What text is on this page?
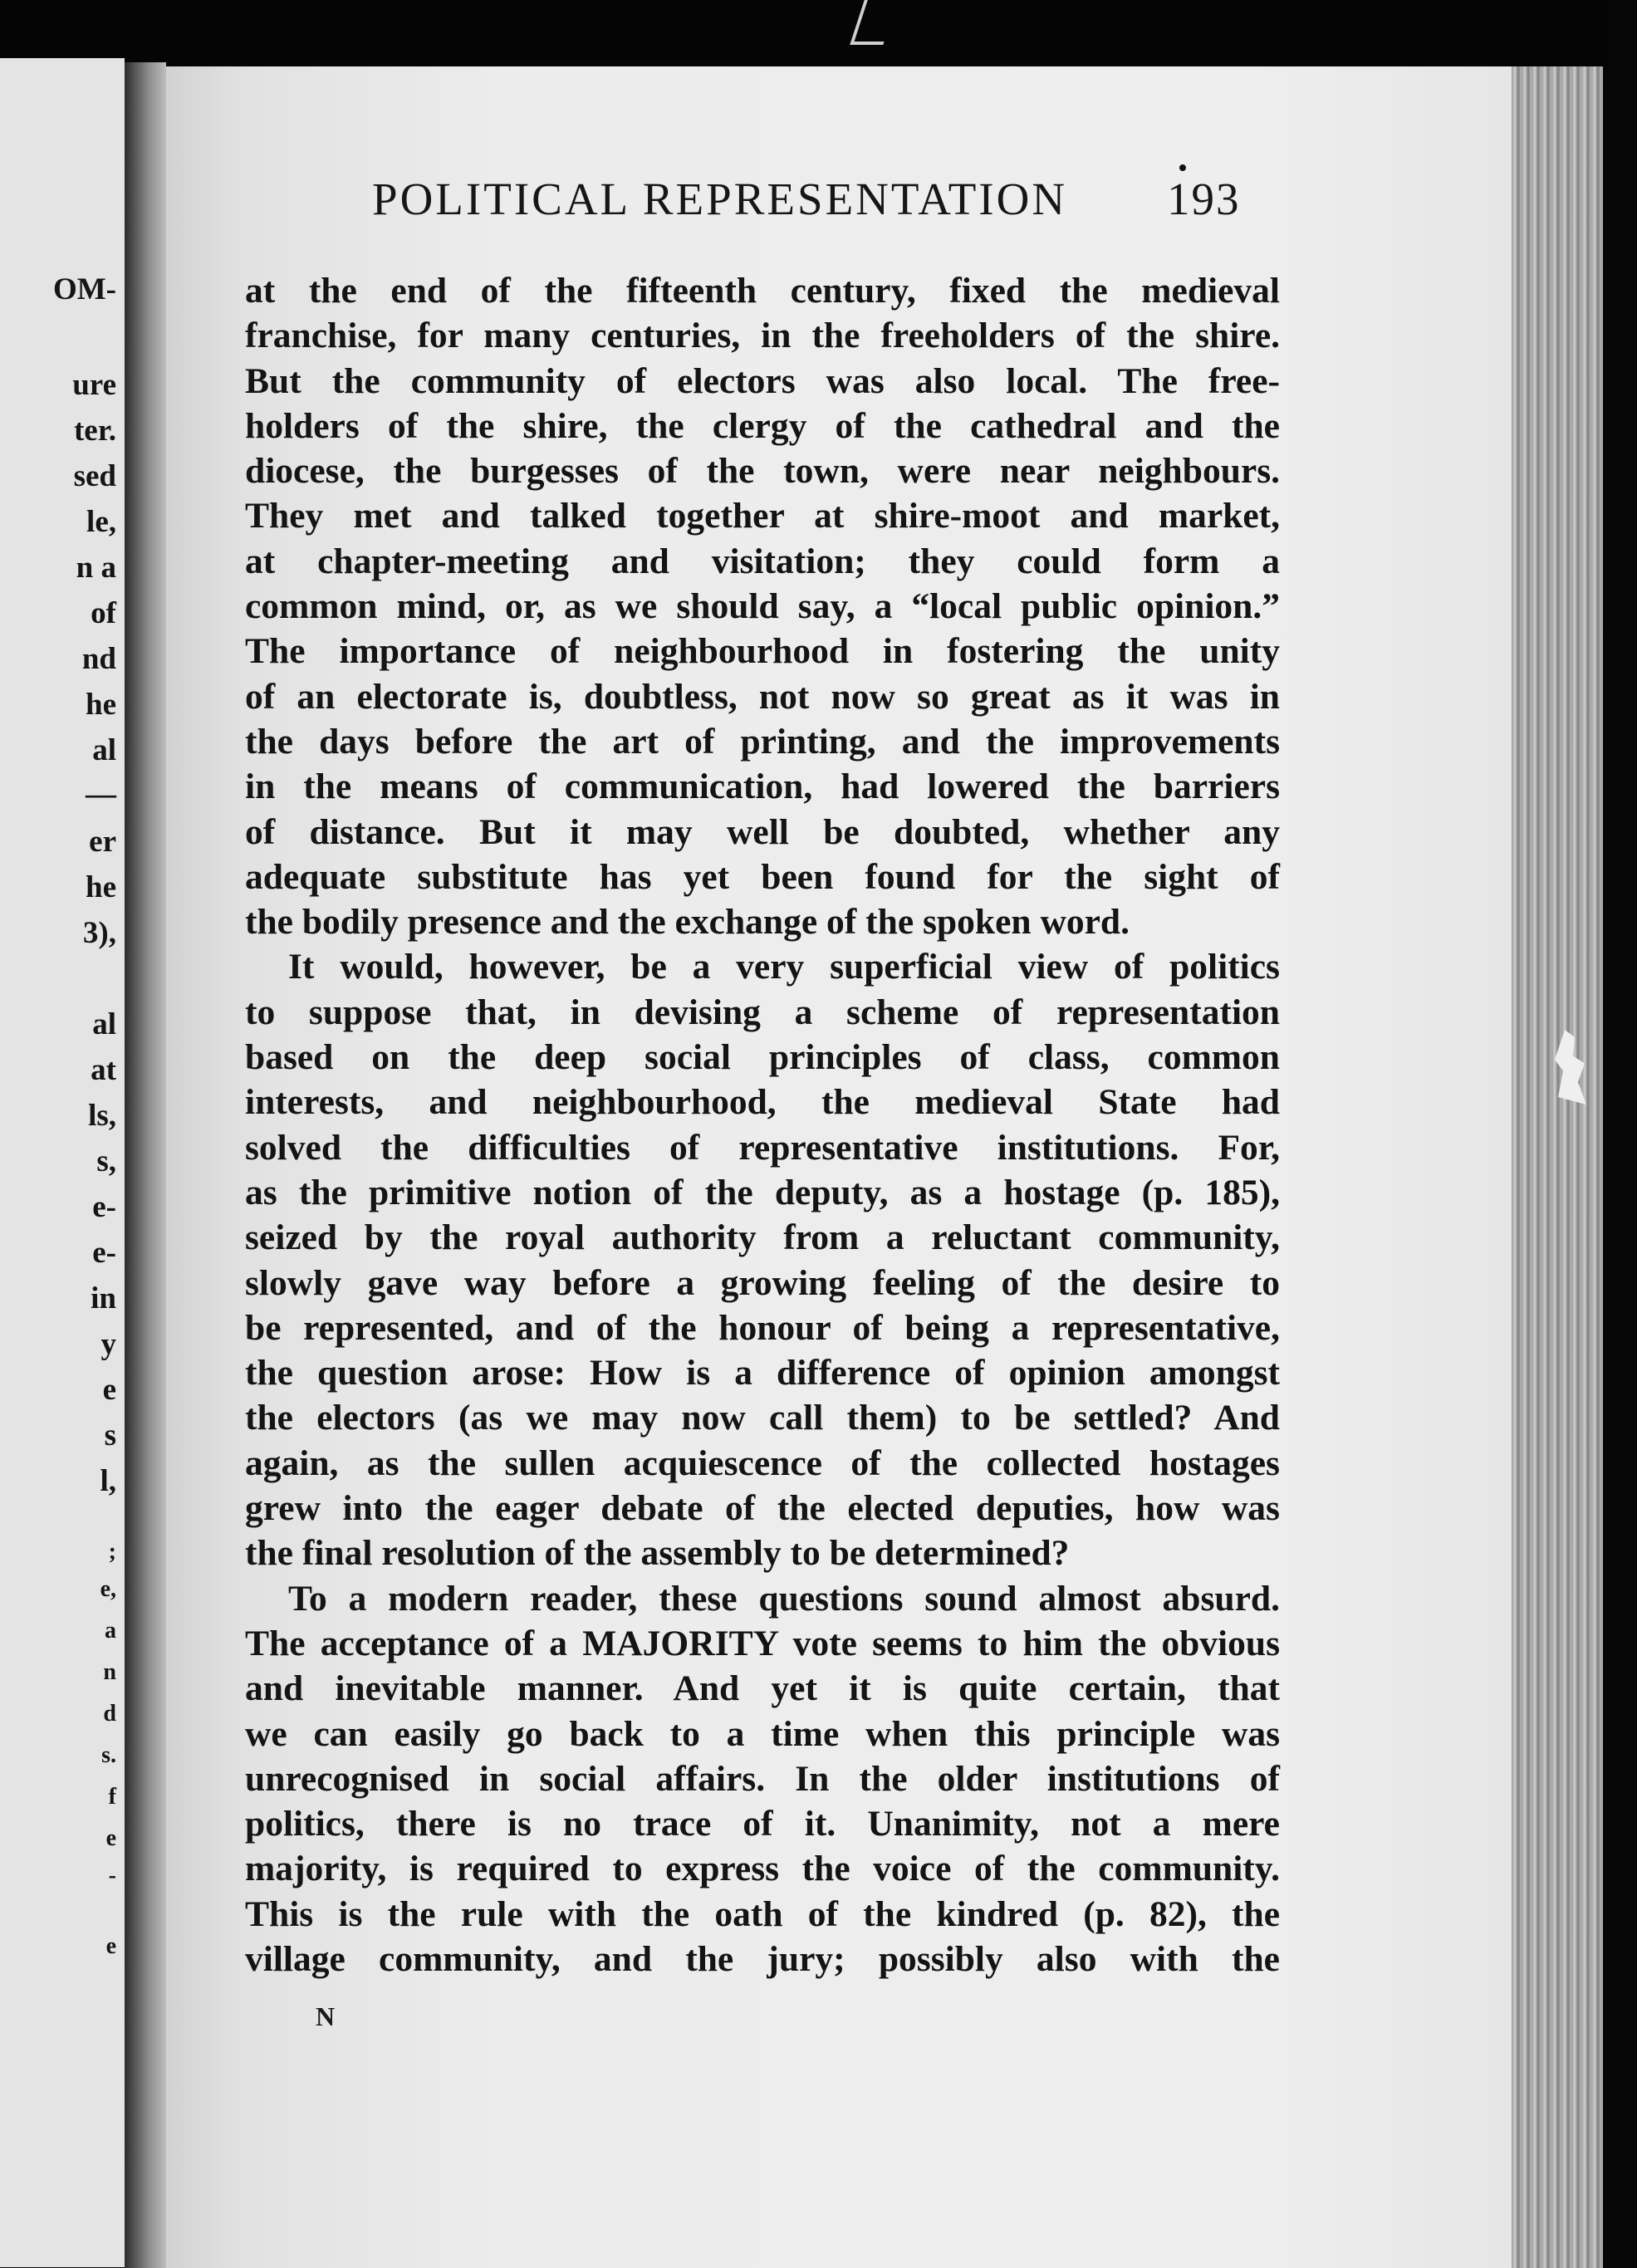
OM-
ure
ter.
sed
le,
n a
of
nd
he
al
—
er
he
3),
al
at
ls,
s,
e-
e-
in
y
e
s
l,
;
e,
a
n
d
s.
f
e
-
e
POLITICAL REPRESENTATION	193
at the end of the fifteenth century, fixed the medieval
franchise, for many centuries, in the freeholders of the shire.
But the community of electors was also local. The free-
holders of the shire, the clergy of the cathedral and the
diocese, the burgesses of the town, were near neighbours.
They met and talked together at shire-moot and market,
at chapter-meeting and visitation; they could form a
common mind, or, as we should say, a “local public opinion.”
The importance of neighbourhood in fostering the unity
of an electorate is, doubtless, not now so great as it was in
the days before the art of printing, and the improvements
in the means of communication, had lowered the barriers
of distance. But it may well be doubted, whether any
adequate substitute has yet been found for the sight of
the bodily presence and the exchange of the spoken word.
It would, however, be a very superficial view of politics
to suppose that, in devising a scheme of representation
based on the deep social principles of class, common
interests, and neighbourhood, the medieval State had
solved the difficulties of representative institutions. For,
as the primitive notion of the deputy, as a hostage (p. 185),
seized by the royal authority from a reluctant community,
slowly gave way before a growing feeling of the desire to
be represented, and of the honour of being a representative,
the question arose: How is a difference of opinion amongst
the electors (as we may now call them) to be settled? And
again, as the sullen acquiescence of the collected hostages
grew into the eager debate of the elected deputies, how was
the final resolution of the assembly to be determined?
To a modern reader, these questions sound almost absurd.
The acceptance of a MAJORITY vote seems to him the obvious
and inevitable manner. And yet it is quite certain, that
we can easily go back to a time when this principle was
unrecognised in social affairs. In the older institutions of
politics, there is no trace of it. Unanimity, not a mere
majority, is required to express the voice of the community.
This is the rule with the oath of the kindred (p. 82), the
village community, and the jury; possibly also with the
N
